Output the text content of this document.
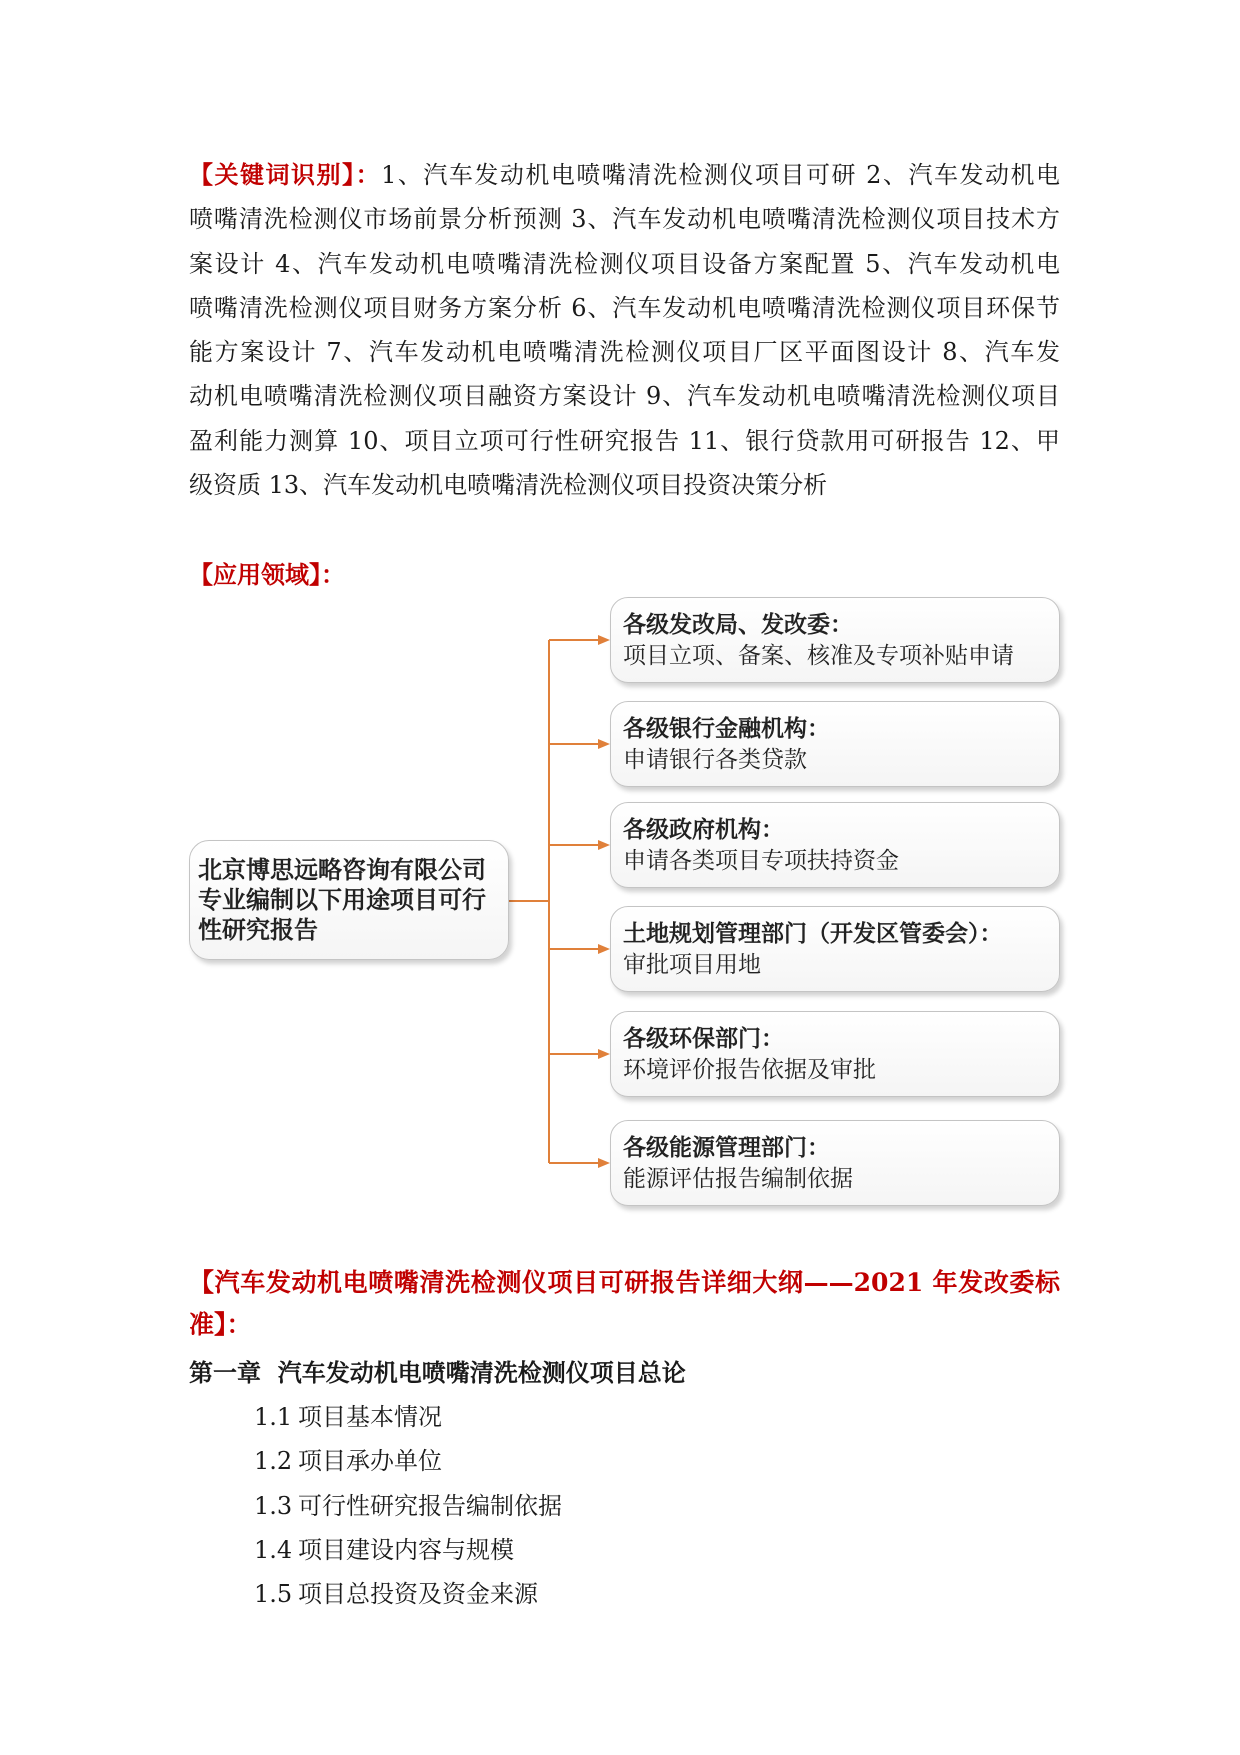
【关键词识别】：1、汽车发动机电喷嘴清洗检测仪项目可研 2、汽车发动机电
喷嘴清洗检测仪市场前景分析预测 3、汽车发动机电喷嘴清洗检测仪项目技术方
案设计 4、汽车发动机电喷嘴清洗检测仪项目设备方案配置 5、汽车发动机电
喷嘴清洗检测仪项目财务方案分析 6、汽车发动机电喷嘴清洗检测仪项目环保节
能方案设计 7、汽车发动机电喷嘴清洗检测仪项目厂区平面图设计 8、汽车发
动机电喷嘴清洗检测仪项目融资方案设计 9、汽车发动机电喷嘴清洗检测仪项目
盈利能力测算 10、项目立项可行性研究报告 11、银行贷款用可研报告 12、甲
级资质 13、汽车发动机电喷嘴清洗检测仪项目投资决策分析
【应用领域】：
北京博思远略咨询有限公司专业编制以下用途项目可行性研究报告
各级发改局、发改委：
项目立项、备案、核准及专项补贴申请
各级银行金融机构：
申请银行各类贷款
各级政府机构：
申请各类项目专项扶持资金
土地规划管理部门（开发区管委会）：
审批项目用地
各级环保部门：
环境评价报告依据及审批
各级能源管理部门：
能源评估报告编制依据
【汽车发动机电喷嘴清洗检测仪项目可研报告详细大纲——2021 年发改委标准】：
第一章  汽车发动机电喷嘴清洗检测仪项目总论
1.1 项目基本情况
1.2 项目承办单位
1.3 可行性研究报告编制依据
1.4 项目建设内容与规模
1.5 项目总投资及资金来源
